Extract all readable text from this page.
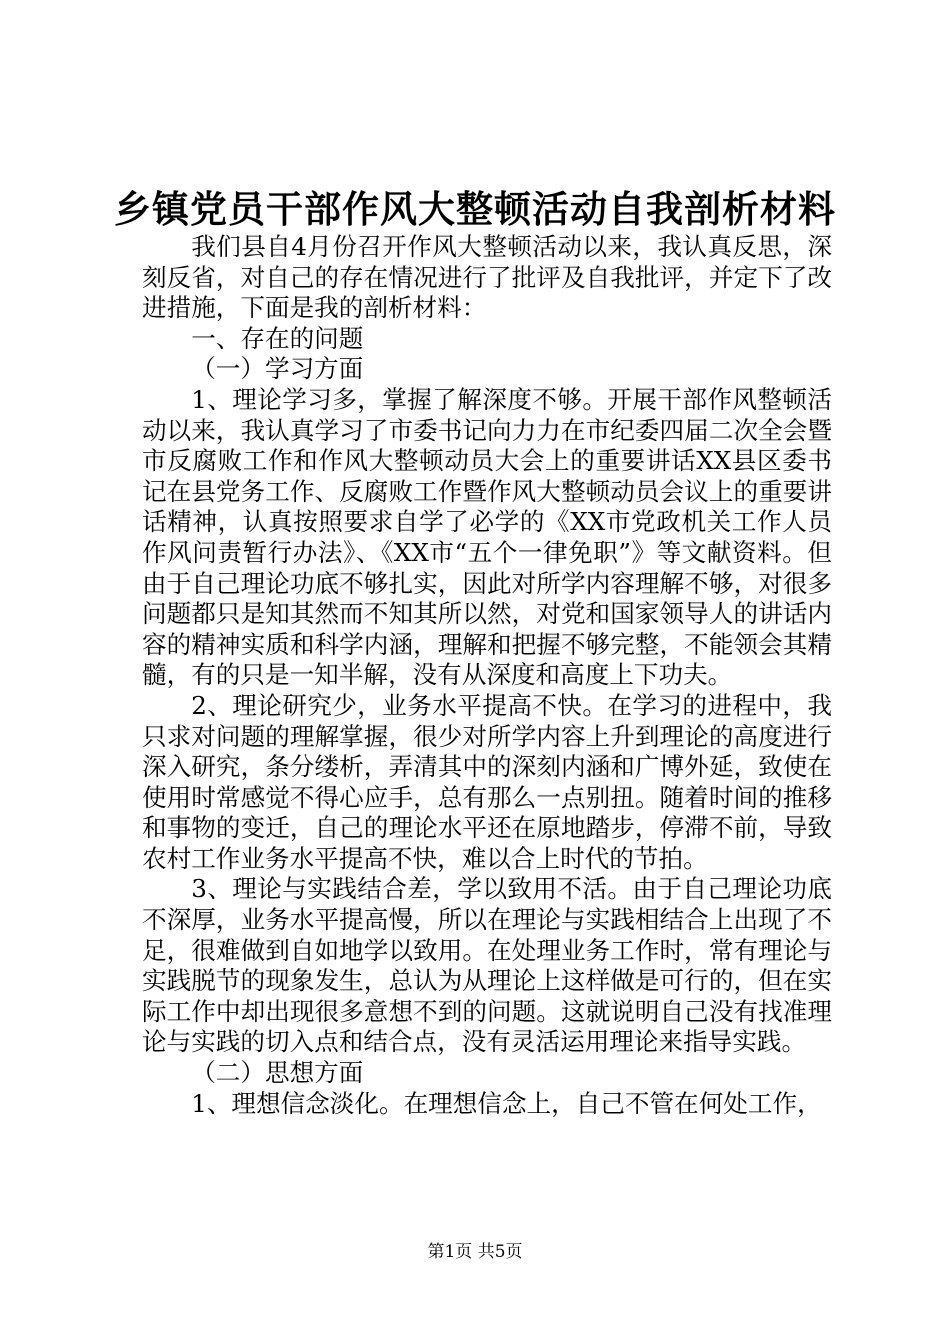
乡镇党员干部作风大整顿活动自我剖析材料

我们县自4月份召开作风大整顿活动以来，我认真反思，深刻反省，对自己的存在情况进行了批评及自我批评，并定下了改进措施，下面是我的剖析材料：

一、存在的问题

（一）学习方面

1、理论学习多，掌握了解深度不够。开展干部作风整顿活动以来，我认真学习了市委书记向力力在市纪委四届二次全会暨市反腐败工作和作风大整顿动员大会上的重要讲话XX县区委书记在县党务工作、反腐败工作暨作风大整顿动员会议上的重要讲话精神，认真按照要求自学了必学的《XX市党政机关工作人员作风问责暂行办法》、《XX市“五个一律免职”》等文献资料。但由于自己理论功底不够扎实，因此对所学内容理解不够，对很多问题都只是知其然而不知其所以然，对党和国家领导人的讲话内容的精神实质和科学内涵，理解和把握不够完整，不能领会其精髓，有的只是一知半解，没有从深度和高度上下功夫。

2、理论研究少，业务水平提高不快。在学习的进程中，我只求对问题的理解掌握，很少对所学内容上升到理论的高度进行深入研究，条分缕析，弄清其中的深刻内涵和广博外延，致使在使用时常感觉不得心应手，总有那么一点别扭。随着时间的推移和事物的变迁，自己的理论水平还在原地踏步，停滞不前，导致农村工作业务水平提高不快，难以合上时代的节拍。

3、理论与实践结合差，学以致用不活。由于自己理论功底不深厚，业务水平提高慢，所以在理论与实践相结合上出现了不足，很难做到自如地学以致用。在处理业务工作时，常有理论与实践脱节的现象发生，总认为从理论上这样做是可行的，但在实际工作中却出现很多意想不到的问题。这就说明自己没有找准理论与实践的切入点和结合点，没有灵活运用理论来指导实践。

（二）思想方面

1、理想信念淡化。在理想信念上，自己不管在何处工作，

第1页 共5页
